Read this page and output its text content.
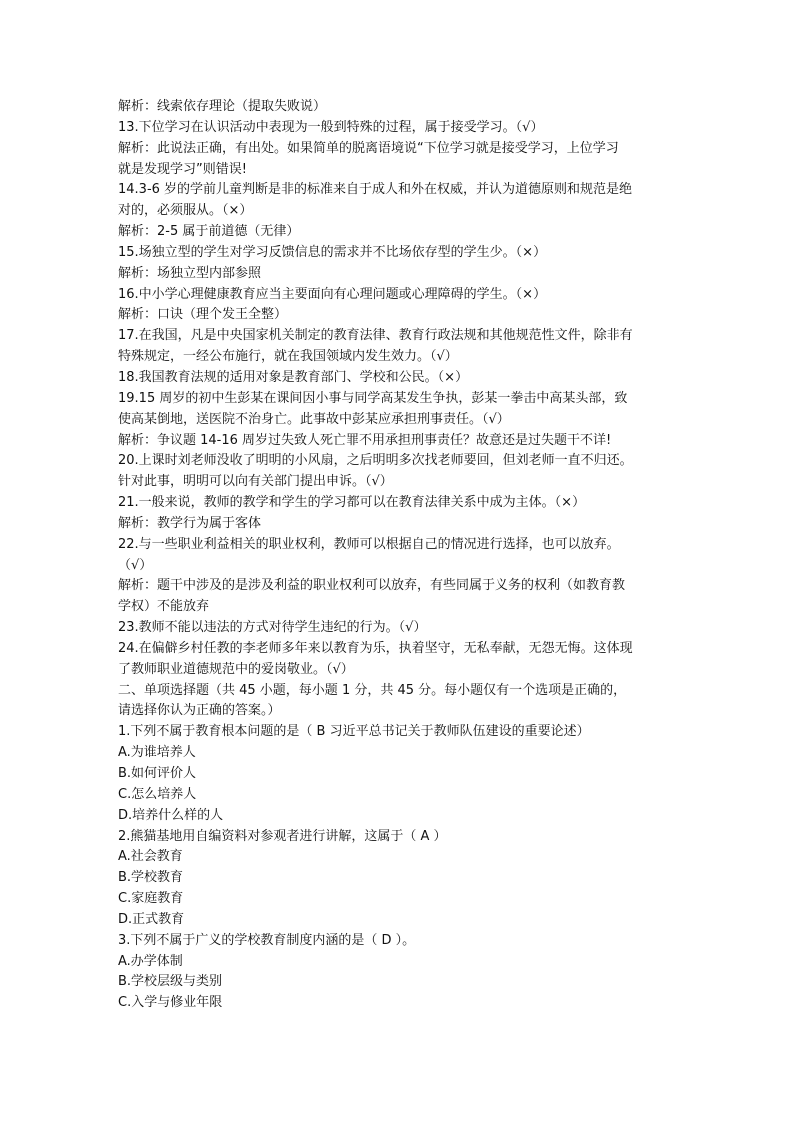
解析：线索依存理论（提取失败说）
13.下位学习在认识活动中表现为一般到特殊的过程，属于接受学习。（√）
解析：此说法正确，有出处。如果简单的脱离语境说“下位学习就是接受学习，上位学习
就是发现学习”则错误!
14.3-6 岁的学前儿童判断是非的标准来自于成人和外在权威，并认为道德原则和规范是绝
对的，必须服从。（×）
解析：2-5 属于前道德（无律）
15.场独立型的学生对学习反馈信息的需求并不比场依存型的学生少。（×）
解析：场独立型内部参照
16.中小学心理健康教育应当主要面向有心理问题或心理障碍的学生。（×）
解析：口诀（理个发王全整）
17.在我国，凡是中央国家机关制定的教育法律、教育行政法规和其他规范性文件，除非有
特殊规定，一经公布施行，就在我国领域内发生效力。（√）
18.我国教育法规的适用对象是教育部门、学校和公民。（×）
19.15 周岁的初中生彭某在课间因小事与同学高某发生争执，彭某一拳击中高某头部，致
使高某倒地，送医院不治身亡。此事故中彭某应承担刑事责任。（√）
解析：争议题 14-16 周岁过失致人死亡罪不用承担刑事责任？故意还是过失题干不详!
20.上课时刘老师没收了明明的小风扇，之后明明多次找老师要回，但刘老师一直不归还。
针对此事，明明可以向有关部门提出申诉。（√）
21.一般来说，教师的教学和学生的学习都可以在教育法律关系中成为主体。（×）
解析：教学行为属于客体
22.与一些职业利益相关的职业权利，教师可以根据自己的情况进行选择，也可以放弃。
（√）
解析：题干中涉及的是涉及利益的职业权利可以放弃，有些同属于义务的权利（如教育教
学权）不能放弃
23.教师不能以违法的方式对待学生违纪的行为。（√）
24.在偏僻乡村任教的李老师多年来以教育为乐，执着坚守，无私奉献，无怨无悔。这体现
了教师职业道德规范中的爱岗敬业。（√）
二、单项选择题（共 45 小题，每小题 1 分，共 45 分。每小题仅有一个选项是正确的，
请选择你认为正确的答案。）
1.下列不属于教育根本问题的是（ B 习近平总书记关于教师队伍建设的重要论述）
A.为谁培养人
B.如何评价人
C.怎么培养人
D.培养什么样的人
2.熊猫基地用自编资料对参观者进行讲解，这属于（ A ）
A.社会教育
B.学校教育
C.家庭教育
D.正式教育
3.下列不属于广义的学校教育制度内涵的是（ D ）。
A.办学体制
B.学校层级与类别
C.入学与修业年限
